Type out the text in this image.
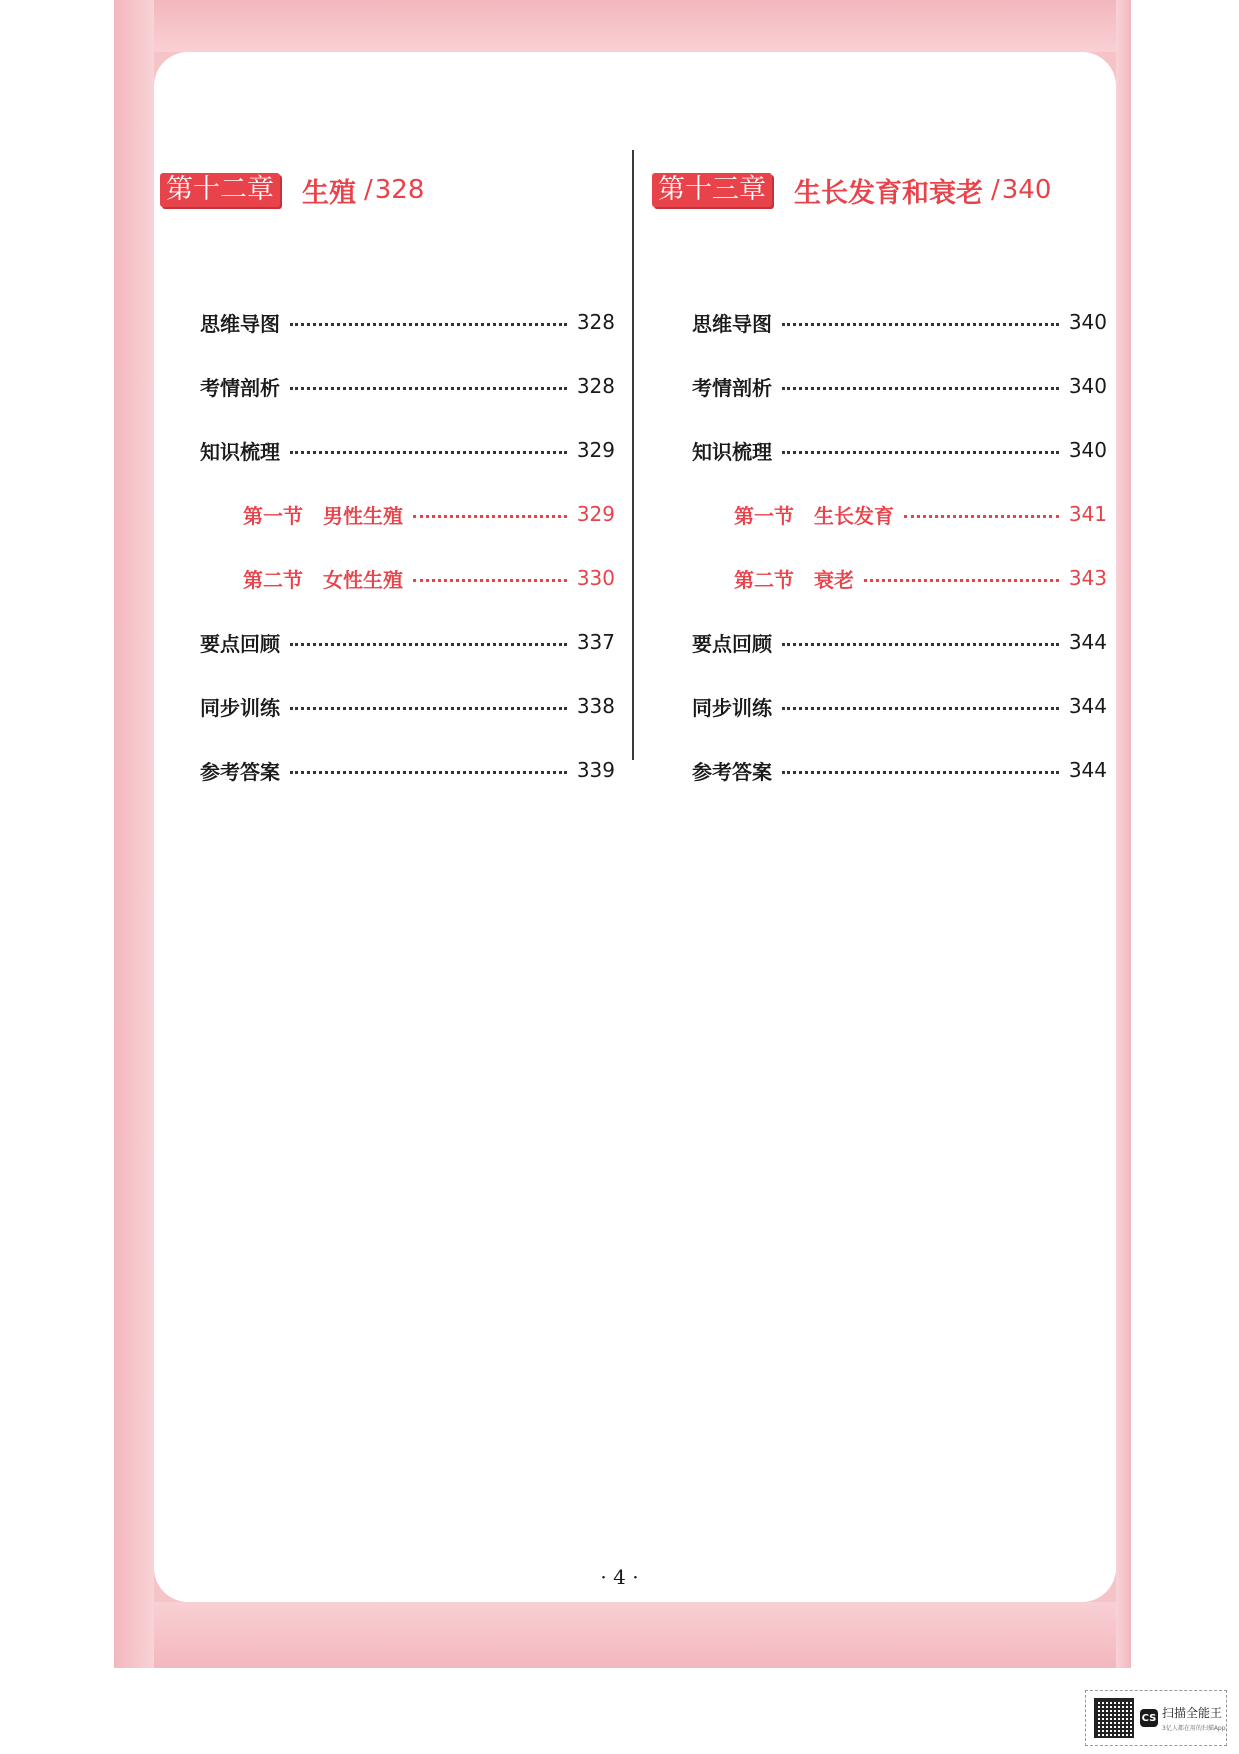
第十二章 生殖 / 328
思维导图	328
考情剖析	328
知识梳理	329
第一节 男性生殖	329
第二节 女性生殖	330
要点回顾	337
同步训练	338
参考答案	339
第十三章 生长发育和衰老 / 340
思维导图	340
考情剖析	340
知识梳理	340
第一节 生长发育	341
第二节 衰老	343
要点回顾	344
同步训练	344
参考答案	344
· 4 ·
CS 扫描全能王
3亿人都在用的扫描App
